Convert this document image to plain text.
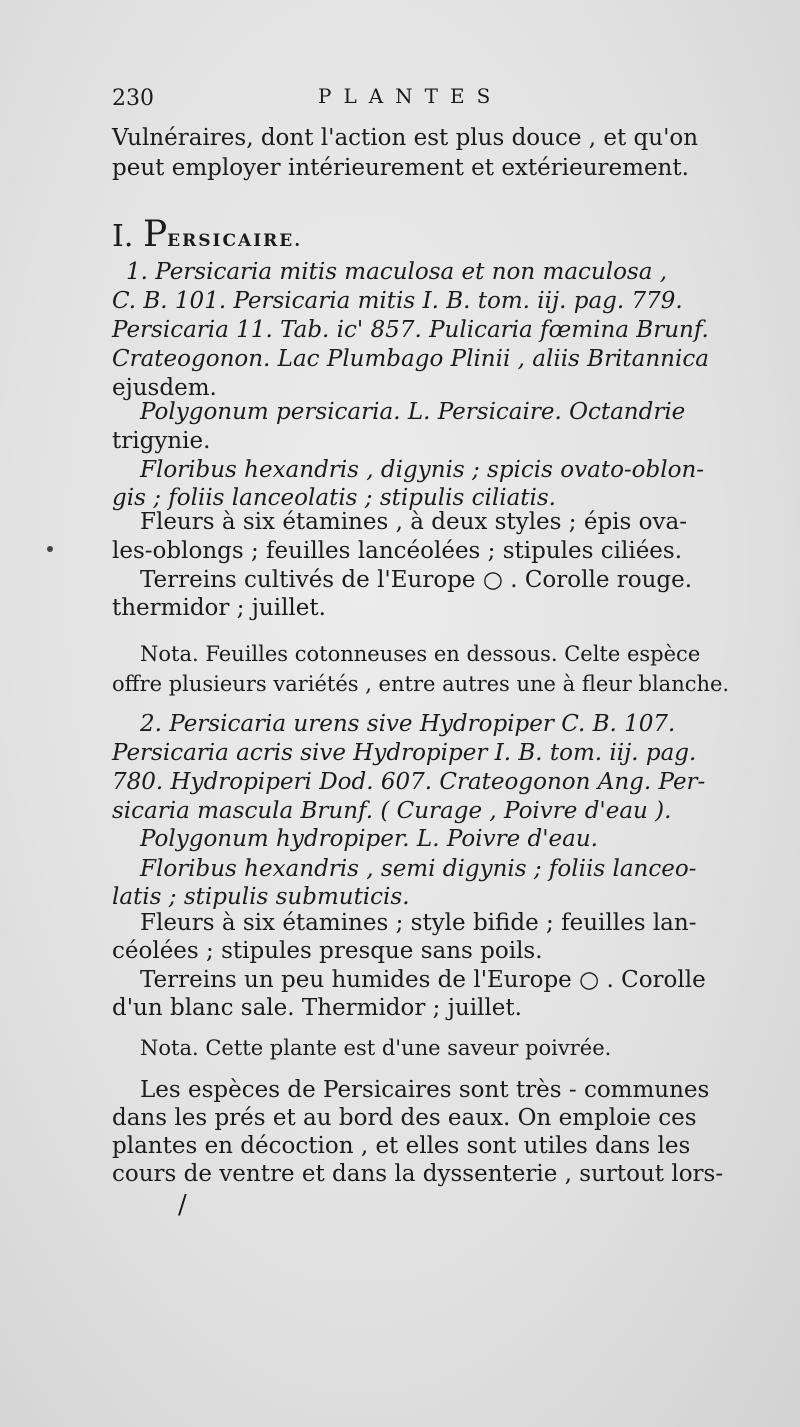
230	PLANTES
Vulnéraires, dont l'action est plus douce , et qu'on
peut employer intérieurement et extérieurement.
I. PERSICAIRE.
1. Persicaria mitis maculosa et non maculosa ,
C. B. 101. Persicaria mitis I. B. tom. iij. pag. 779.
Persicaria 11. Tab. ic' 857. Pulicaria fœmina Brunf.
Crateogonon. Lac Plumbago Plinii , aliis Britannica
ejusdem.
Polygonum persicaria. L. Persicaire. Octandrie
trigynie.
Floribus hexandris , digynis ; spicis ovato-oblon-
gis ; foliis lanceolatis ; stipulis ciliatis.
Fleurs à six étamines , à deux styles ; épis ova-
les-oblongs ; feuilles lancéolées ; stipules ciliées.
Terreins cultivés de l'Europe ○ . Corolle rouge.
thermidor ; juillet.
Nota. Feuilles cotonneuses en dessous. Celte espèce
offre plusieurs variétés , entre autres une à fleur blanche.
2. Persicaria urens sive Hydropiper C. B. 107.
Persicaria acris sive Hydropiper I. B. tom. iij. pag.
780. Hydropiperi Dod. 607. Crateogonon Ang. Per-
sicaria mascula Brunf. ( Curage , Poivre d'eau ).
Polygonum hydropiper. L. Poivre d'eau.
Floribus hexandris , semi digynis ; foliis lanceo-
latis ; stipulis submuticis.
Fleurs à six étamines ; style bifide ; feuilles lan-
céolées ; stipules presque sans poils.
Terreins un peu humides de l'Europe ○ . Corolle
d'un blanc sale. Thermidor ; juillet.
Nota. Cette plante est d'une saveur poivrée.
Les espèces de Persicaires sont très - communes
dans les prés et au bord des eaux. On emploie ces
plantes en décoction , et elles sont utiles dans les
cours de ventre et dans la dyssenterie , surtout lors-
/
